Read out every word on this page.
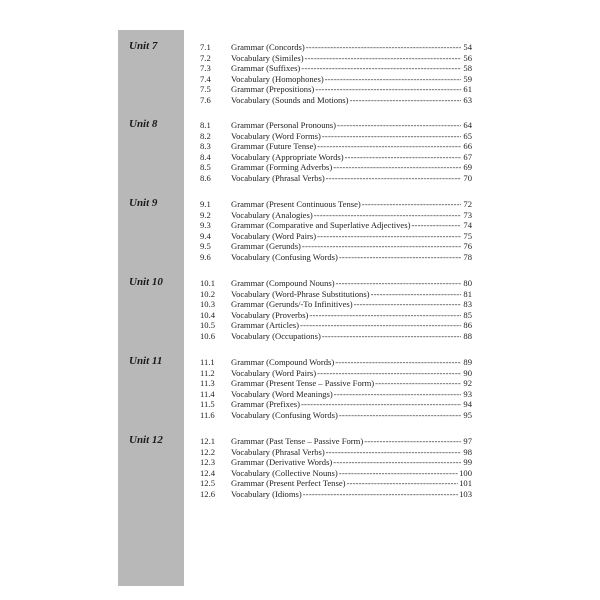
Unit 7	7.1	Grammar (Concords) -----	54
7.2	Vocabulary (Similes) -----	56
7.3	Grammar (Suffixes) -----	58
7.4	Vocabulary (Homophones) -----	59
7.5	Grammar (Prepositions) -----	61
7.6	Vocabulary (Sounds and Motions) -----	63
Unit 8	8.1	Grammar (Personal Pronouns) -----	64
8.2	Vocabulary (Word Forms) -----	65
8.3	Grammar (Future Tense) -----	66
8.4	Vocabulary (Appropriate Words) -----	67
8.5	Grammar (Forming Adverbs) -----	69
8.6	Vocabulary (Phrasal Verbs) -----	70
Unit 9	9.1	Grammar (Present Continuous Tense) -----	72
9.2	Vocabulary (Analogies) -----	73
9.3	Grammar (Comparative and Superlative Adjectives) -----	74
9.4	Vocabulary (Word Pairs) -----	75
9.5	Grammar (Gerunds) -----	76
9.6	Vocabulary (Confusing Words) -----	78
Unit 10	10.1	Grammar (Compound Nouns) -----	80
10.2	Vocabulary (Word-Phrase Substitutions) -----	81
10.3	Grammar (Gerunds/-To Infinitives) -----	83
10.4	Vocabulary (Proverbs) -----	85
10.5	Grammar (Articles) -----	86
10.6	Vocabulary (Occupations) -----	88
Unit 11	11.1	Grammar (Compound Words) -----	89
11.2	Vocabulary (Word Pairs) -----	90
11.3	Grammar (Present Tense – Passive Form) -----	92
11.4	Vocabulary (Word Meanings) -----	93
11.5	Grammar (Prefixes) -----	94
11.6	Vocabulary (Confusing Words) -----	95
Unit 12	12.1	Grammar (Past Tense – Passive Form) -----	97
12.2	Vocabulary (Phrasal Verbs) -----	98
12.3	Grammar (Derivative Words) -----	99
12.4	Vocabulary (Collective Nouns) -----	100
12.5	Grammar (Present Perfect Tense) -----	101
12.6	Vocabulary (Idioms) -----	103
